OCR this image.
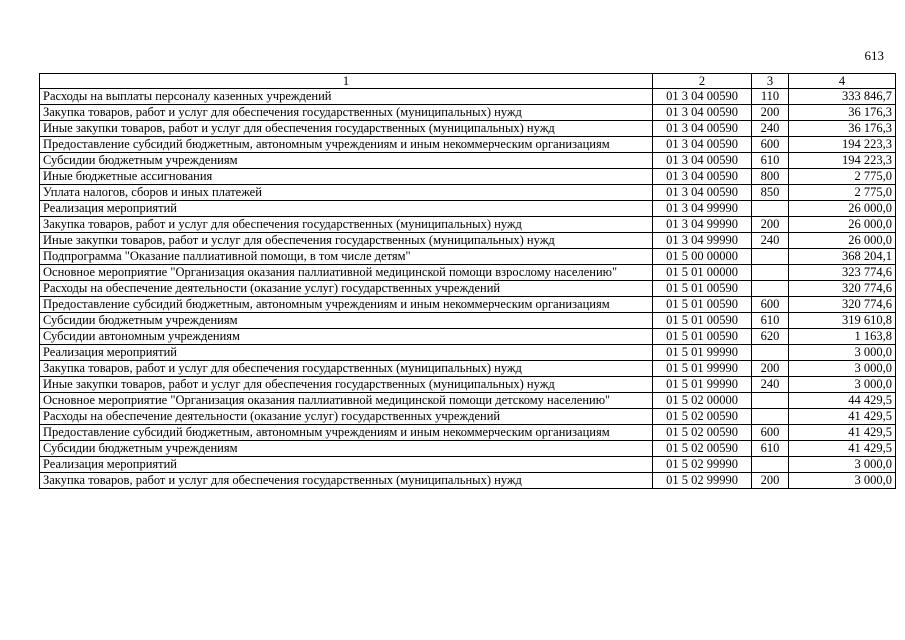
613
1	2	3	4
Расходы на выплаты персоналу казенных учреждений	01 3 04 00590	110	333 846,7
Закупка товаров, работ и услуг для обеспечения государственных (муниципальных) нужд	01 3 04 00590	200	36 176,3
Иные закупки товаров, работ и услуг для обеспечения государственных (муниципальных) нужд	01 3 04 00590	240	36 176,3
Предоставление субсидий бюджетным, автономным учреждениям и иным некоммерческим организациям	01 3 04 00590	600	194 223,3
Субсидии бюджетным учреждениям	01 3 04 00590	610	194 223,3
Иные бюджетные ассигнования	01 3 04 00590	800	2 775,0
Уплата налогов, сборов и иных платежей	01 3 04 00590	850	2 775,0
Реализация мероприятий	01 3 04 99990		26 000,0
Закупка товаров, работ и услуг для обеспечения государственных (муниципальных) нужд	01 3 04 99990	200	26 000,0
Иные закупки товаров, работ и услуг для обеспечения государственных (муниципальных) нужд	01 3 04 99990	240	26 000,0
Подпрограмма "Оказание паллиативной помощи, в том числе детям"	01 5 00 00000		368 204,1
Основное мероприятие "Организация оказания паллиативной медицинской помощи взрослому населению"	01 5 01 00000		323 774,6
Расходы на обеспечение деятельности (оказание услуг) государственных учреждений	01 5 01 00590		320 774,6
Предоставление субсидий бюджетным, автономным учреждениям и иным некоммерческим организациям	01 5 01 00590	600	320 774,6
Субсидии бюджетным учреждениям	01 5 01 00590	610	319 610,8
Субсидии автономным учреждениям	01 5 01 00590	620	1 163,8
Реализация мероприятий	01 5 01 99990		3 000,0
Закупка товаров, работ и услуг для обеспечения государственных (муниципальных) нужд	01 5 01 99990	200	3 000,0
Иные закупки товаров, работ и услуг для обеспечения государственных (муниципальных) нужд	01 5 01 99990	240	3 000,0
Основное мероприятие "Организация оказания паллиативной медицинской помощи детскому населению"	01 5 02 00000		44 429,5
Расходы на обеспечение деятельности (оказание услуг) государственных учреждений	01 5 02 00590		41 429,5
Предоставление субсидий бюджетным, автономным учреждениям и иным некоммерческим организациям	01 5 02 00590	600	41 429,5
Субсидии бюджетным учреждениям	01 5 02 00590	610	41 429,5
Реализация мероприятий	01 5 02 99990		3 000,0
Закупка товаров, работ и услуг для обеспечения государственных (муниципальных) нужд	01 5 02 99990	200	3 000,0
